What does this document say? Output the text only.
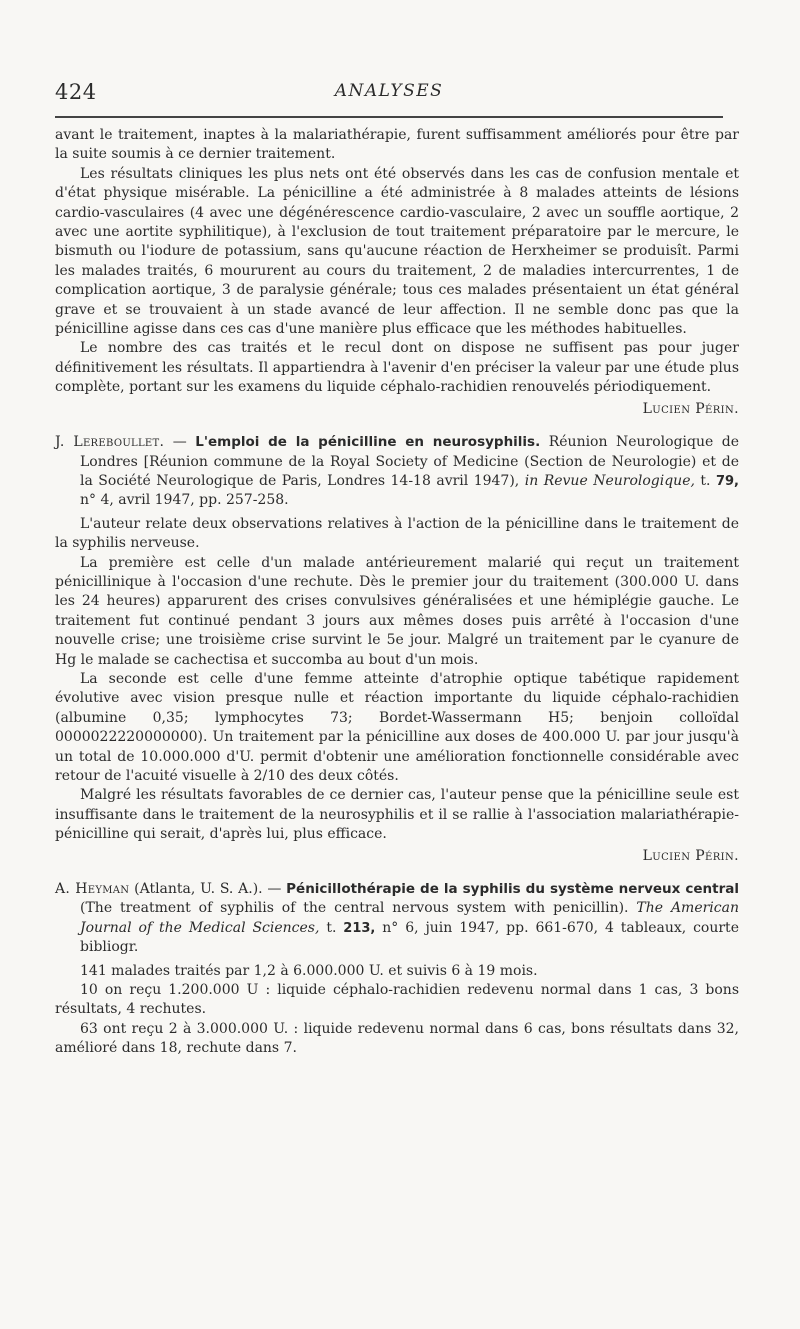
424	ANALYSES

avant le traitement, inaptes à la malariathérapie, furent suffisamment améliorés pour être par la suite soumis à ce dernier traitement.

Les résultats cliniques les plus nets ont été observés dans les cas de confusion mentale et d'état physique misérable. La pénicilline a été administrée à 8 malades atteints de lésions cardio-vasculaires (4 avec une dégénérescence cardio-vasculaire, 2 avec un souffle aortique, 2 avec une aortite syphilitique), à l'exclusion de tout traitement préparatoire par le mercure, le bismuth ou l'iodure de potassium, sans qu'aucune réaction de Herxheimer se produisît. Parmi les malades traités, 6 moururent au cours du traitement, 2 de maladies intercurrentes, 1 de complication aortique, 3 de paralysie générale; tous ces malades présentaient un état général grave et se trouvaient à un stade avancé de leur affection. Il ne semble donc pas que la pénicilline agisse dans ces cas d'une manière plus efficace que les méthodes habituelles.

Le nombre des cas traités et le recul dont on dispose ne suffisent pas pour juger définitivement les résultats. Il appartiendra à l'avenir d'en préciser la valeur par une étude plus complète, portant sur les examens du liquide céphalo-rachidien renouvelés périodiquement.

Lucien Périn.

J. Lereboullet. — L'emploi de la pénicilline en neurosyphilis. Réunion Neurologique de Londres [Réunion commune de la Royal Society of Medicine (Section de Neurologie) et de la Société Neurologique de Paris, Londres 14-18 avril 1947), in Revue Neurologique, t. 79, n° 4, avril 1947, pp. 257-258.

L'auteur relate deux observations relatives à l'action de la pénicilline dans le traitement de la syphilis nerveuse.

La première est celle d'un malade antérieurement malarié qui reçut un traitement pénicillinique à l'occasion d'une rechute. Dès le premier jour du traitement (300.000 U. dans les 24 heures) apparurent des crises convulsives généralisées et une hémiplégie gauche. Le traitement fut continué pendant 3 jours aux mêmes doses puis arrêté à l'occasion d'une nouvelle crise; une troisième crise survint le 5e jour. Malgré un traitement par le cyanure de Hg le malade se cachectisa et succomba au bout d'un mois.

La seconde est celle d'une femme atteinte d'atrophie optique tabétique rapidement évolutive avec vision presque nulle et réaction importante du liquide céphalo-rachidien (albumine 0,35; lymphocytes 73; Bordet-Wassermann H5; benjoin colloïdal 0000022220000000). Un traitement par la pénicilline aux doses de 400.000 U. par jour jusqu'à un total de 10.000.000 d'U. permit d'obtenir une amélioration fonctionnelle considérable avec retour de l'acuité visuelle à 2/10 des deux côtés.

Malgré les résultats favorables de ce dernier cas, l'auteur pense que la pénicilline seule est insuffisante dans le traitement de la neurosyphilis et il se rallie à l'association malariathérapie-pénicilline qui serait, d'après lui, plus efficace.

Lucien Périn.

A. Heyman (Atlanta, U. S. A.). — Pénicillothérapie de la syphilis du système nerveux central (The treatment of syphilis of the central nervous system with penicillin). The American Journal of the Medical Sciences, t. 213, n° 6, juin 1947, pp. 661-670, 4 tableaux, courte bibliogr.

141 malades traités par 1,2 à 6.000.000 U. et suivis 6 à 19 mois.

10 on reçu 1.200.000 U : liquide céphalo-rachidien redevenu normal dans 1 cas, 3 bons résultats, 4 rechutes.

63 ont reçu 2 à 3.000.000 U. : liquide redevenu normal dans 6 cas, bons résultats dans 32, amélioré dans 18, rechute dans 7.
